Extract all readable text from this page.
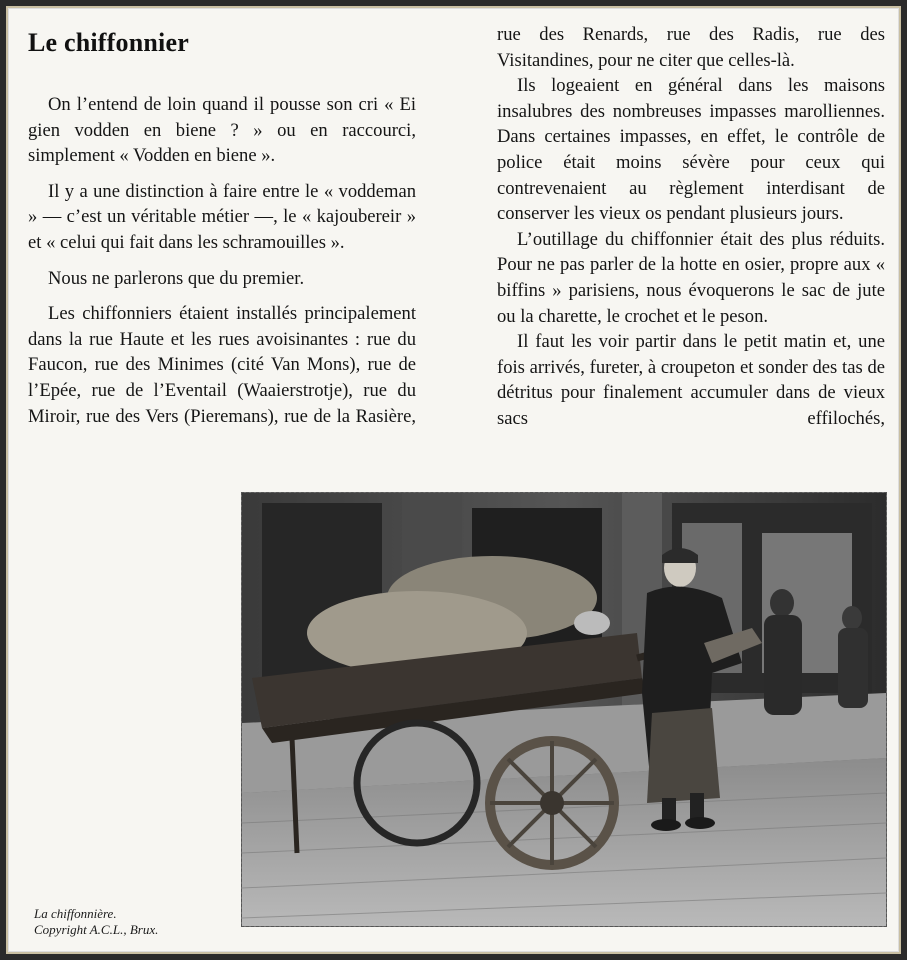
Le chiffonnier

On l’entend de loin quand il pousse son cri « Ei gien vodden en biene ? » ou en raccourci, simplement « Vodden en biene ».

Il y a une distinction à faire entre le « voddeman » — c’est un véritable métier —, le « kajoubereir » et « celui qui fait dans les schramouilles ».

Nous ne parlerons que du premier.

Les chiffonniers étaient installés principalement dans la rue Haute et les rues avoisinantes : rue du Faucon, rue des Minimes (cité Van Mons), rue de l’Epée, rue de l’Eventail (Waaierstrotje), rue du Miroir, rue des Vers (Pieremans), rue de la Rasière,

rue des Renards, rue des Radis, rue des Visitandines, pour ne citer que celles-là.

Ils logeaient en général dans les maisons insalubres des nombreuses impasses marolliennes. Dans certaines impasses, en effet, le contrôle de police était moins sévère pour ceux qui contrevenaient au règlement interdisant de conserver les vieux os pendant plusieurs jours.

L’outillage du chiffonnier était des plus réduits. Pour ne pas parler de la hotte en osier, propre aux « biffins » parisiens, nous évoquerons le sac de jute ou la charette, le crochet et le peson.

Il faut les voir partir dans le petit matin et, une fois arrivés, fureter, à croupeton et sonder des tas de détritus pour finalement accumuler dans de vieux sacs effilochés,

La chiffonnière.
Copyright A.C.L., Brux.
